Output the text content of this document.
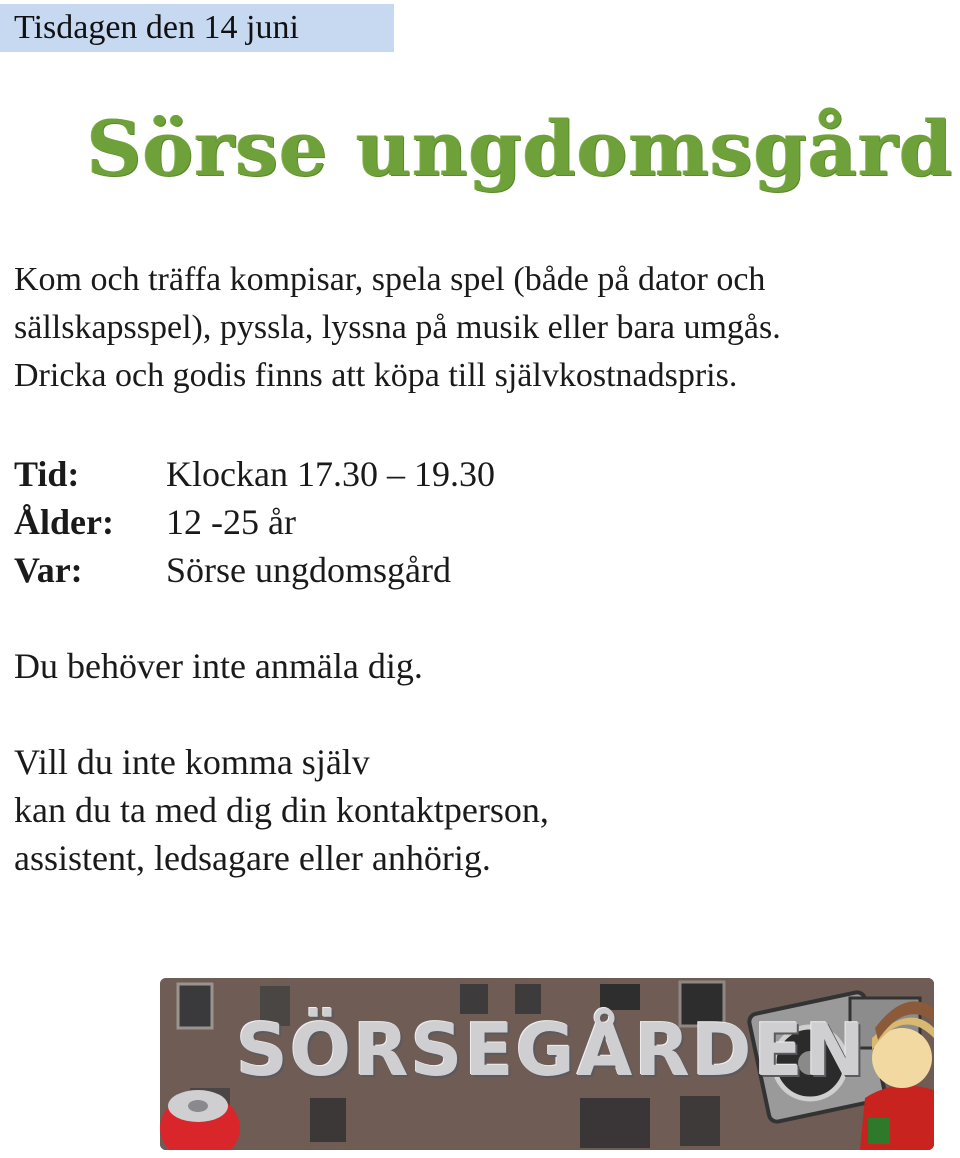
Tisdagen den 14 juni
Sörse ungdomsgård

Kom och träffa kompisar, spela spel (både på dator och
sällskapsspel), pyssla, lyssna på musik eller bara umgås.
Dricka och godis finns att köpa till självkostnadspris.

Tid:	Klockan 17.30 – 19.30
Ålder:	12 -25 år
Var:	Sörse ungdomsgård

Du behöver inte anmäla dig.

Vill du inte komma själv
kan du ta med dig din kontaktperson,
assistent, ledsagare eller anhörig.

SÖRSEGÅRDEN
